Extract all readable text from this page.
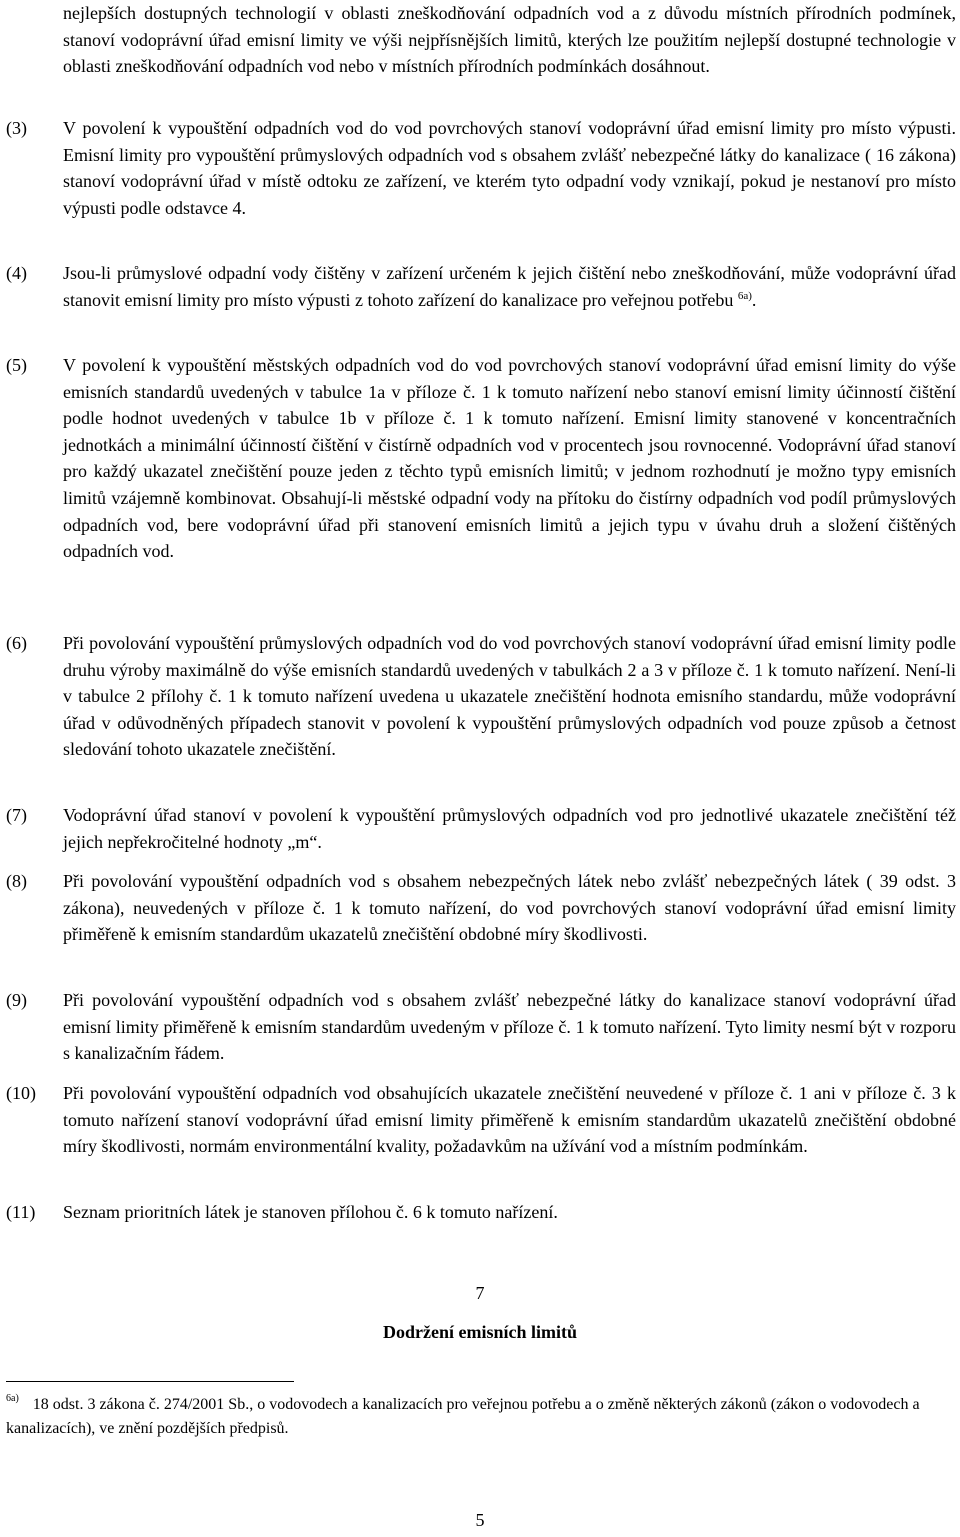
nejlepších dostupných technologií v oblasti zneškodňování odpadních vod a z důvodu místních přírodních podmínek, stanoví vodoprávní úřad emisní limity ve výši nejpřísnějších limitů, kterých lze použitím nejlepší dostupné technologie v oblasti zneškodňování odpadních vod nebo v místních přírodních podmínkách dosáhnout.

(3)	V povolení k vypouštění odpadních vod do vod povrchových stanoví vodoprávní úřad emisní limity pro místo výpusti. Emisní limity pro vypouštění průmyslových odpadních vod s obsahem zvlášť nebezpečné látky do kanalizace ( 16 zákona) stanoví vodoprávní úřad v místě odtoku ze zařízení, ve kterém tyto odpadní vody vznikají, pokud je nestanoví pro místo výpusti podle odstavce 4.

(4)	Jsou-li průmyslové odpadní vody čištěny v zařízení určeném k jejich čištění nebo zneškodňování, může vodoprávní úřad stanovit emisní limity pro místo výpusti z tohoto zařízení do kanalizace pro veřejnou potřebu $^{6a)}$.

(5)	V povolení k vypouštění městských odpadních vod do vod povrchových stanoví vodoprávní úřad emisní limity do výše emisních standardů uvedených v tabulce 1a v příloze č. 1 k tomuto nařízení nebo stanoví emisní limity účinností čištění podle hodnot uvedených v tabulce 1b v příloze č. 1 k tomuto nařízení. Emisní limity stanovené v koncentračních jednotkách a minimální účinností čištění v čistírně odpadních vod v procentech jsou rovnocenné. Vodoprávní úřad stanoví pro každý ukazatel znečištění pouze jeden z těchto typů emisních limitů; v jednom rozhodnutí je možno typy emisních limitů vzájemně kombinovat. Obsahují-li městské odpadní vody na přítoku do čistírny odpadních vod podíl průmyslových odpadních vod, bere vodoprávní úřad při stanovení emisních limitů a jejich typu v úvahu druh a složení čištěných odpadních vod.

(6)	Při povolování vypouštění průmyslových odpadních vod do vod povrchových stanoví vodoprávní úřad emisní limity podle druhu výroby maximálně do výše emisních standardů uvedených v tabulkách 2 a 3 v příloze č. 1 k tomuto nařízení. Není-li v tabulce 2 přílohy č. 1 k tomuto nařízení uvedena u ukazatele znečištění hodnota emisního standardu, může vodoprávní úřad v odůvodněných případech stanovit v povolení k vypouštění průmyslových odpadních vod pouze způsob a četnost sledování tohoto ukazatele znečištění.

(7)	Vodoprávní úřad stanoví v povolení k vypouštění průmyslových odpadních vod pro jednotlivé ukazatele znečištění též jejich nepřekročitelné hodnoty „m“.

(8)	Při povolování vypouštění odpadních vod s obsahem nebezpečných látek nebo zvlášť nebezpečných látek ( 39 odst. 3 zákona), neuvedených v příloze č. 1 k tomuto nařízení, do vod povrchových stanoví vodoprávní úřad emisní limity přiměřeně k emisním standardům ukazatelů znečištění obdobné míry škodlivosti.

(9)	Při povolování vypouštění odpadních vod s obsahem zvlášť nebezpečné látky do kanalizace stanoví vodoprávní úřad emisní limity přiměřeně k emisním standardům uvedeným v příloze č. 1 k tomuto nařízení. Tyto limity nesmí být v rozporu s kanalizačním řádem.

(10)	Při povolování vypouštění odpadních vod obsahujících ukazatele znečištění neuvedené v příloze č. 1 ani v příloze č. 3 k tomuto nařízení stanoví vodoprávní úřad emisní limity přiměřeně k emisním standardům ukazatelů znečištění obdobné míry škodlivosti, normám environmentální kvality, požadavkům na užívání vod a místním podmínkám.

(11)	Seznam prioritních látek je stanoven přílohou č. 6 k tomuto nařízení.

7
Dodržení emisních limitů
$^{6a)}$ 18 odst. 3 zákona č. 274/2001 Sb., o vodovodech a kanalizacích pro veřejnou potřebu a o změně některých zákonů (zákon o vodovodech a kanalizacích), ve znění pozdějších předpisů.
5
